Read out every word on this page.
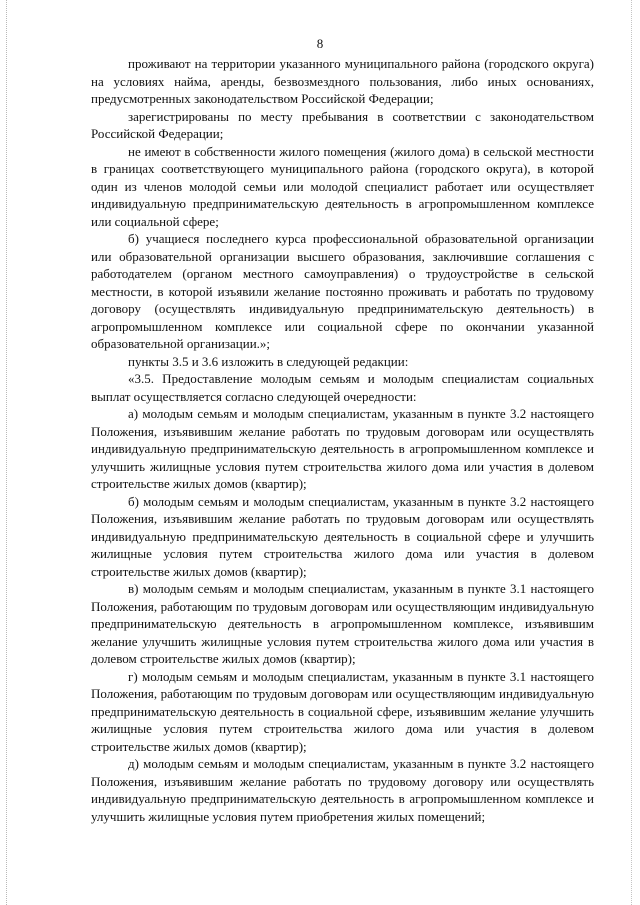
8

проживают на территории указанного муниципального района (городского округа) на условиях найма, аренды, безвозмездного пользования, либо иных основаниях, предусмотренных законодательством Российской Федерации;

зарегистрированы по месту пребывания в соответствии с законодательством Российской Федерации;

не имеют в собственности жилого помещения (жилого дома) в сельской местности в границах соответствующего муниципального района (городского округа), в которой один из членов молодой семьи или молодой специалист работает или осуществляет индивидуальную предпринимательскую деятельность в агропромышленном комплексе или социальной сфере;

б) учащиеся последнего курса профессиональной образовательной организации или образовательной организации высшего образования, заключившие соглашения с работодателем (органом местного самоуправления) о трудоустройстве в сельской местности, в которой изъявили желание постоянно проживать и работать по трудовому договору (осуществлять индивидуальную предпринимательскую деятельность) в агропромышленном комплексе или социальной сфере по окончании указанной образовательной организации.»;

пункты 3.5 и 3.6 изложить в следующей редакции:

«3.5. Предоставление молодым семьям и молодым специалистам социальных выплат осуществляется согласно следующей очередности:

а) молодым семьям и молодым специалистам, указанным в пункте 3.2 настоящего Положения, изъявившим желание работать по трудовым договорам или осуществлять индивидуальную предпринимательскую деятельность в агропромышленном комплексе и улучшить жилищные условия путем строительства жилого дома или участия в долевом строительстве жилых домов (квартир);

б) молодым семьям и молодым специалистам, указанным в пункте 3.2 настоящего Положения, изъявившим желание работать по трудовым договорам или осуществлять индивидуальную предпринимательскую деятельность в социальной сфере и улучшить жилищные условия путем строительства жилого дома или участия в долевом строительстве жилых домов (квартир);

в) молодым семьям и молодым специалистам, указанным в пункте 3.1 настоящего Положения, работающим по трудовым договорам или осуществляющим индивидуальную предпринимательскую деятельность в агропромышленном комплексе, изъявившим желание улучшить жилищные условия путем строительства жилого дома или участия в долевом строительстве жилых домов (квартир);

г) молодым семьям и молодым специалистам, указанным в пункте 3.1 настоящего Положения, работающим по трудовым договорам или осуществляющим индивидуальную предпринимательскую деятельность в социальной сфере, изъявившим желание улучшить жилищные условия путем строительства жилого дома или участия в долевом строительстве жилых домов (квартир);

д) молодым семьям и молодым специалистам, указанным в пункте 3.2 настоящего Положения, изъявившим желание работать по трудовому договору или осуществлять индивидуальную предпринимательскую деятельность в агропромышленном комплексе и улучшить жилищные условия путем приобретения жилых помещений;
